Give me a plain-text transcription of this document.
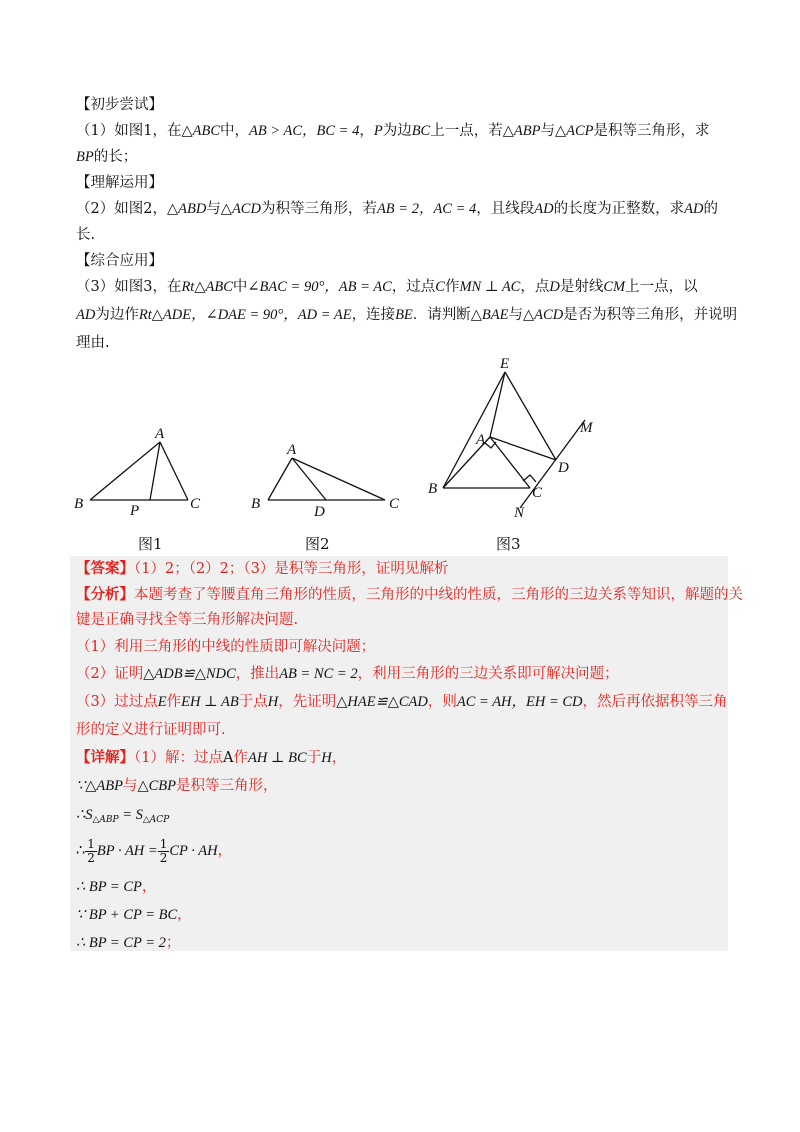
【初步尝试】
（1）如图1，在△ABC中，AB > AC，BC = 4，P为边BC上一点，若△ABP与△ACP是积等三角形，求
BP的长；
【理解运用】
（2）如图2，△ABD与△ACD为积等三角形，若AB = 2，AC = 4，且线段AD的长度为正整数，求AD的
长.
【综合应用】
（3）如图3，在Rt△ABC中∠BAC = 90°，AB = AC，过点C作MN ⊥ AC，点D是射线CM上一点，以
AD为边作Rt△ADE，∠DAE = 90°，AD = AE，连接BE．请判断△BAE与△ACD是否为积等三角形，并说明
理由.
A
B	C
P
A
B	C
D
E
A
B	C
D
M
N
图1	图2	图3
【答案】（1）2；（2）2；（3）是积等三角形，证明见解析
【分析】本题考查了等腰直角三角形的性质，三角形的中线的性质，三角形的三边关系等知识，解题的关
键是正确寻找全等三角形解决问题.
（1）利用三角形的中线的性质即可解决问题；
（2）证明△ADB≌△NDC，推出AB = NC = 2，利用三角形的三边关系即可解决问题；
（3）过过点E作EH ⊥ AB于点H，先证明△HAE≌△CAD，则AC = AH，EH = CD，然后再依据积等三角
形的定义进行证明即可.
【详解】（1）解：过点A作AH ⊥ BC于H，
∵△ABP与△CBP是积等三角形，
$\therefore S_{\triangle ABP} = S_{\triangle ACP}$
∴ $\frac{1}{2}$ BP · AH = $\frac{1}{2}$ CP · AH，
∴ BP = CP，
∵ BP + CP = BC，
∴ BP = CP = 2；
